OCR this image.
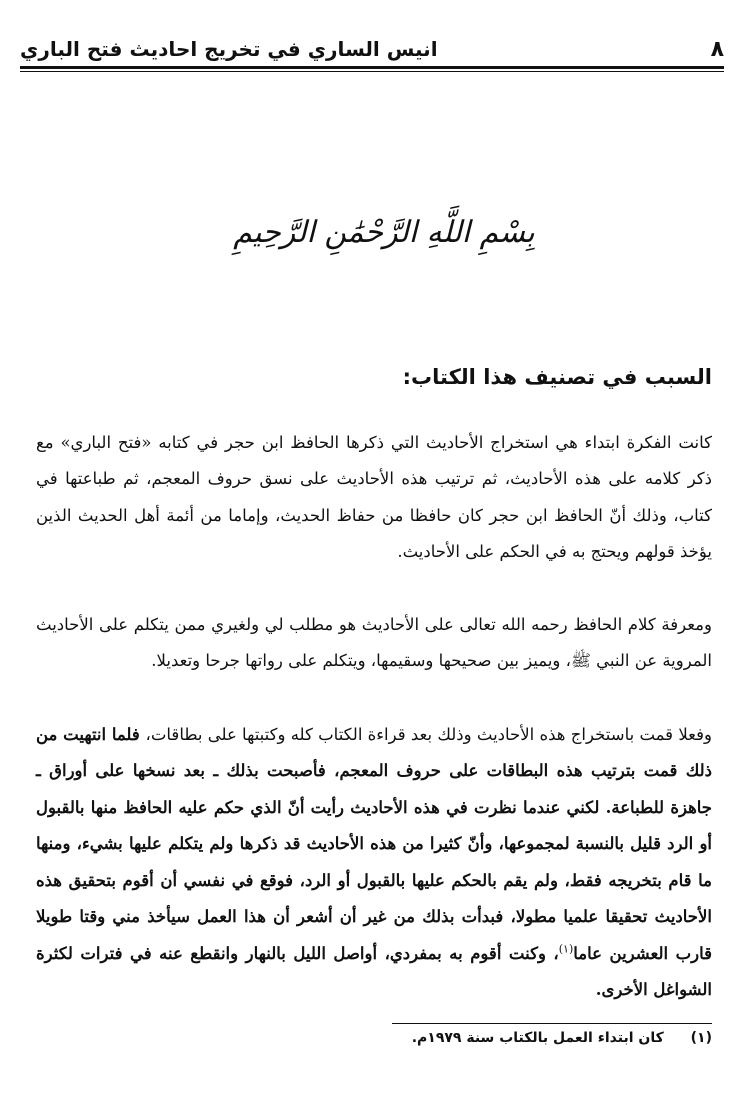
٨
انيس الساري في تخريج احاديث فتح الباري
بِسْمِ اللَّهِ الرَّحْمَٰنِ الرَّحِيمِ
السبب في تصنيف هذا الكتاب:

كانت الفكرة ابتداء هي استخراج الأحاديث التي ذكرها الحافظ ابن حجر في كتابه «فتح الباري» مع ذكر كلامه على هذه الأحاديث، ثم ترتيب هذه الأحاديث على نسق حروف المعجم، ثم طباعتها في كتاب، وذلك أنّ الحافظ ابن حجر كان حافظا من حفاظ الحديث، وإماما من أئمة أهل الحديث الذين يؤخذ قولهم ويحتج به في الحكم على الأحاديث.

ومعرفة كلام الحافظ رحمه الله تعالى على الأحاديث هو مطلب لي ولغيري ممن يتكلم على الأحاديث المروية عن النبي ﷺ، ويميز بين صحيحها وسقيمها، ويتكلم على رواتها جرحا وتعديلا.

وفعلا قمت باستخراج هذه الأحاديث وذلك بعد قراءة الكتاب كله وكتبتها على بطاقات، فلما انتهيت من ذلك قمت بترتيب هذه البطاقات على حروف المعجم، فأصبحت بذلك ـ بعد نسخها على أوراق ـ جاهزة للطباعة. لكني عندما نظرت في هذه الأحاديث رأيت أنّ الذي حكم عليه الحافظ منها بالقبول أو الرد قليل بالنسبة لمجموعها، وأنّ كثيرا من هذه الأحاديث قد ذكرها ولم يتكلم عليها بشيء، ومنها ما قام بتخريجه فقط، ولم يقم بالحكم عليها بالقبول أو الرد، فوقع في نفسي أن أقوم بتحقيق هذه الأحاديث تحقيقا علميا مطولا، فبدأت بذلك من غير أن أشعر أن هذا العمل سيأخذ مني وقتا طويلا قارب العشرين عاما$^{(١)}$، وكنت أقوم به بمفردي، أواصل الليل بالنهار وانقطع عنه في فترات لكثرة الشواغل الأخرى.

(١) كان ابتداء العمل بالكتاب سنة ١٩٧٩م.
